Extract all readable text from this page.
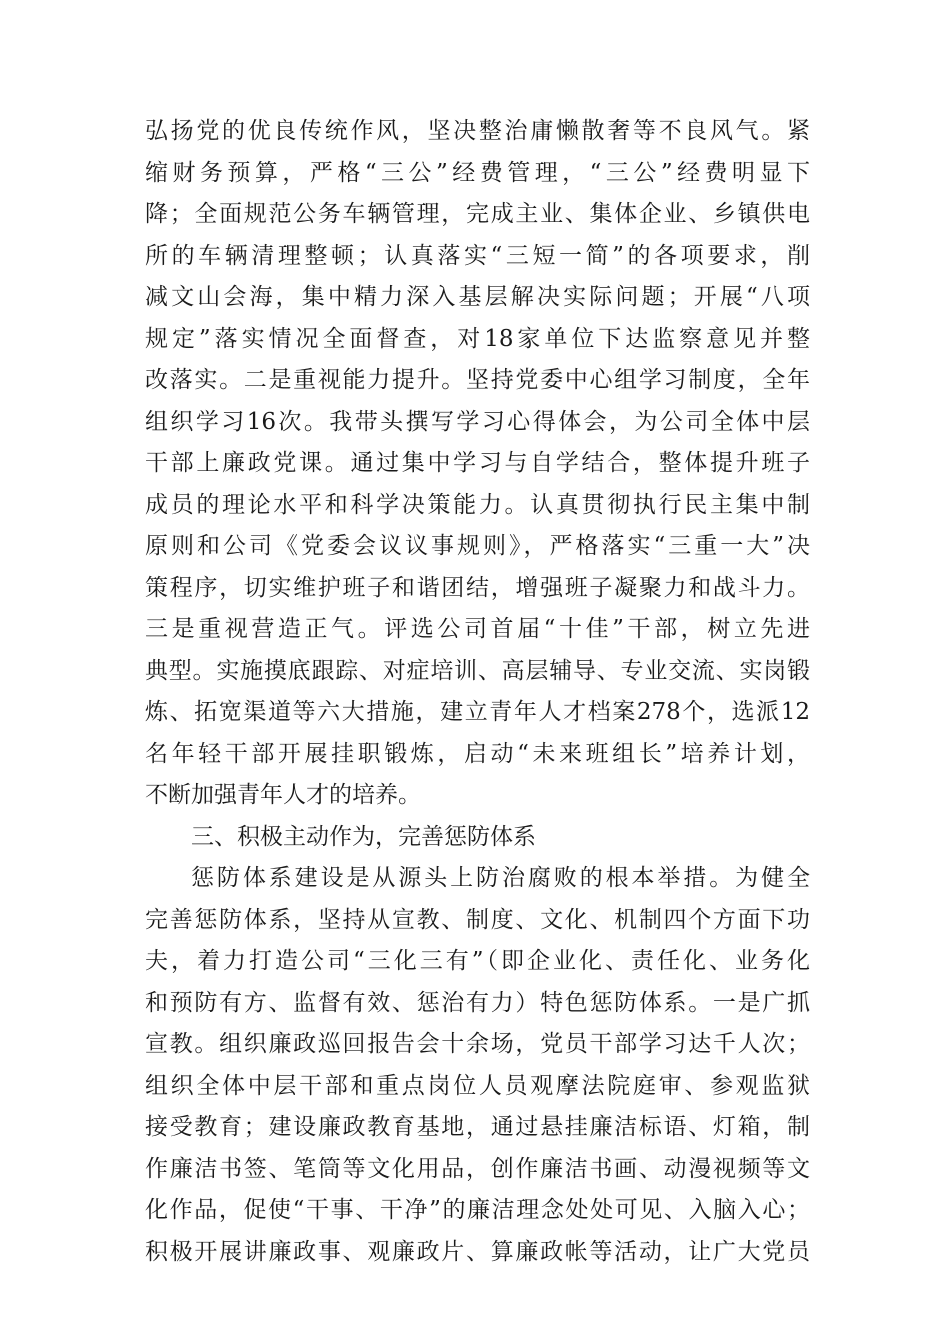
弘扬党的优良传统作风，坚决整治庸懒散奢等不良风气。紧
缩财务预算，严格“三公”经费管理，“三公”经费明显下
降；全面规范公务车辆管理，完成主业、集体企业、乡镇供电
所的车辆清理整顿；认真落实“三短一简”的各项要求，削
减文山会海，集中精力深入基层解决实际问题；开展“八项
规定”落实情况全面督查，对18家单位下达监察意见并整
改落实。二是重视能力提升。坚持党委中心组学习制度，全年
组织学习16次。我带头撰写学习心得体会，为公司全体中层
干部上廉政党课。通过集中学习与自学结合，整体提升班子
成员的理论水平和科学决策能力。认真贯彻执行民主集中制
原则和公司《党委会议议事规则》，严格落实“三重一大”决
策程序，切实维护班子和谐团结，增强班子凝聚力和战斗力。
三是重视营造正气。评选公司首届“十佳”干部，树立先进
典型。实施摸底跟踪、对症培训、高层辅导、专业交流、实岗锻
炼、拓宽渠道等六大措施，建立青年人才档案278个，选派12
名年轻干部开展挂职锻炼，启动“未来班组长”培养计划，
不断加强青年人才的培养。
三、积极主动作为，完善惩防体系
惩防体系建设是从源头上防治腐败的根本举措。为健全
完善惩防体系，坚持从宣教、制度、文化、机制四个方面下功
夫，着力打造公司“三化三有”（即企业化、责任化、业务化
和预防有方、监督有效、惩治有力）特色惩防体系。一是广抓
宣教。组织廉政巡回报告会十余场，党员干部学习达千人次；
组织全体中层干部和重点岗位人员观摩法院庭审、参观监狱
接受教育；建设廉政教育基地，通过悬挂廉洁标语、灯箱，制
作廉洁书签、笔筒等文化用品，创作廉洁书画、动漫视频等文
化作品，促使“干事、干净”的廉洁理念处处可见、入脑入心；
积极开展讲廉政事、观廉政片、算廉政帐等活动，让广大党员
